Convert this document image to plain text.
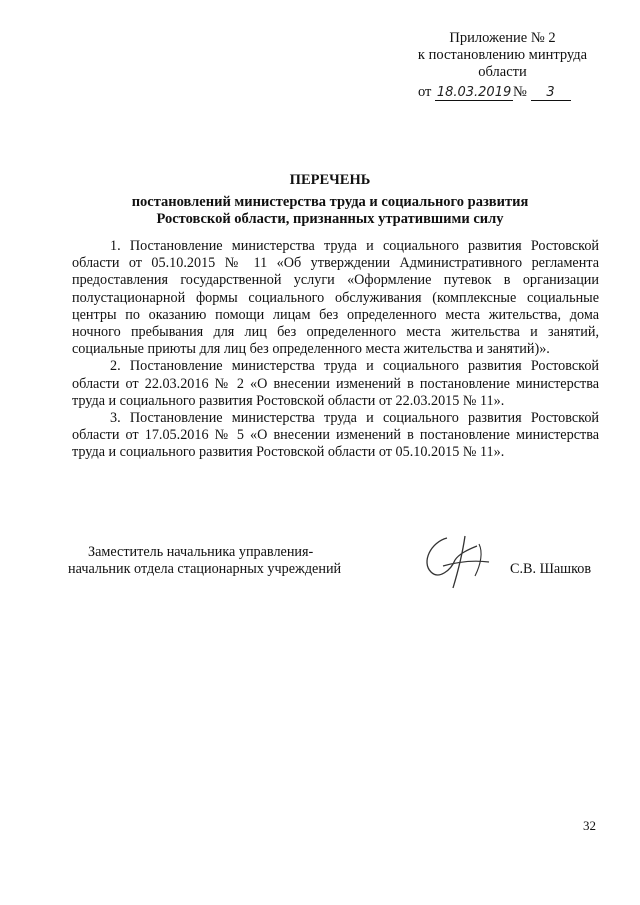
Приложение № 2
к постановлению минтруда
области
от 18.03.2019 № 3
ПЕРЕЧЕНЬ
постановлений министерства труда и социального развития
Ростовской области, признанных утратившими силу

1. Постановление министерства труда и социального развития Ростовской области от 05.10.2015 № 11 «Об утверждении Административного регламента предоставления государственной услуги «Оформление путевок в организации полустационарной формы социального обслуживания (комплексные социальные центры по оказанию помощи лицам без определенного места жительства, дома ночного пребывания для лиц без определенного места жительства и занятий, социальные приюты для лиц без определенного места жительства и занятий)».

2. Постановление министерства труда и социального развития Ростовской области от 22.03.2016 № 2 «О внесении изменений в постановление министерства труда и социального развития Ростовской области от 22.03.2015 № 11».

3. Постановление министерства труда и социального развития Ростовской области от 17.05.2016 № 5 «О внесении изменений в постановление министерства труда и социального развития Ростовской области от 05.10.2015 № 11».

Заместитель начальника управления-
начальник отдела стационарных учреждений	С.В. Шашков
32
